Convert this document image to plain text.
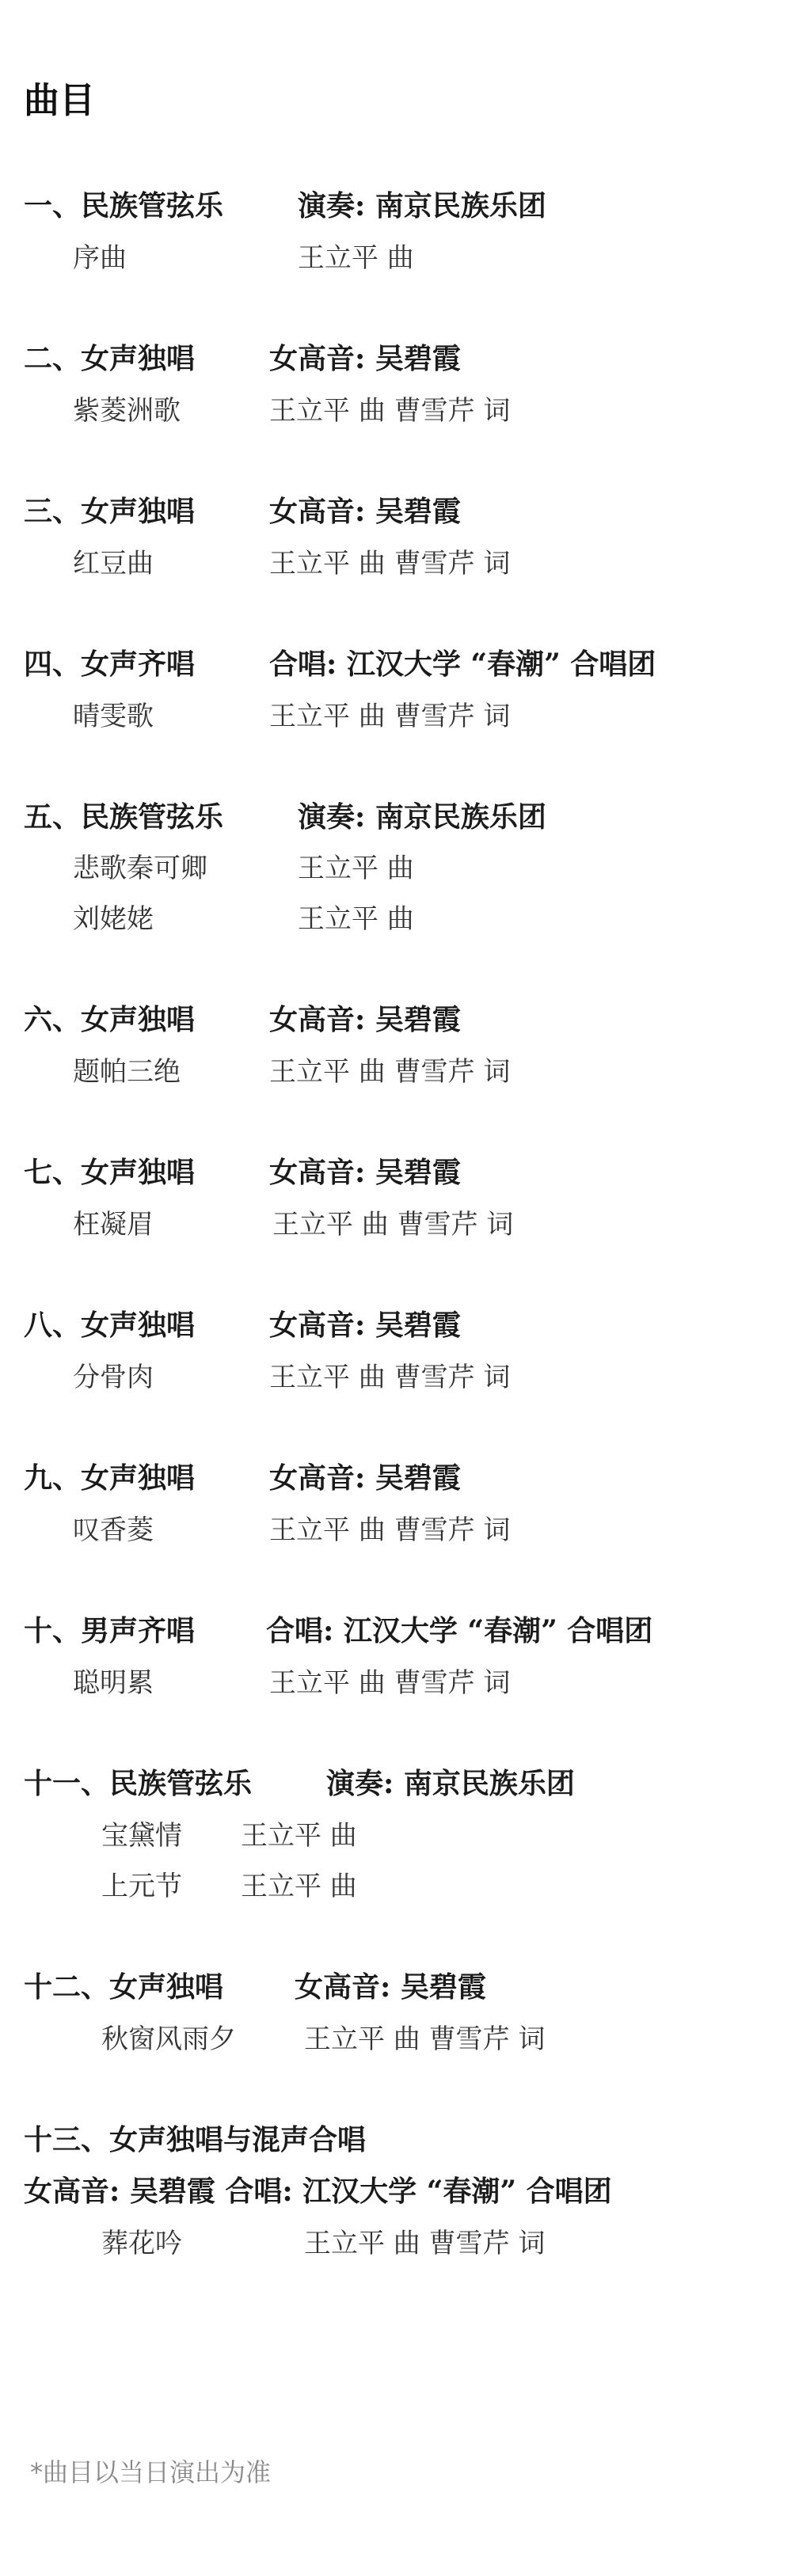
曲目
一、民族管弦乐	演奏: 南京民族乐团
序曲	王立平 曲
二、女声独唱	女高音: 吴碧霞
紫菱洲歌	王立平 曲 曹雪芹 词
三、女声独唱	女高音: 吴碧霞
红豆曲	王立平 曲 曹雪芹 词
四、女声齐唱	合唱: 江汉大学 “春潮” 合唱团
晴雯歌	王立平 曲 曹雪芹 词
五、民族管弦乐	演奏: 南京民族乐团
悲歌秦可卿	王立平 曲
刘姥姥	王立平 曲
六、女声独唱	女高音: 吴碧霞
题帕三绝	王立平 曲 曹雪芹 词
七、女声独唱	女高音: 吴碧霞
枉凝眉	王立平 曲 曹雪芹 词
八、女声独唱	女高音: 吴碧霞
分骨肉	王立平 曲 曹雪芹 词
九、女声独唱	女高音: 吴碧霞
叹香菱	王立平 曲 曹雪芹 词
十、男声齐唱 合唱: 江汉大学 “春潮” 合唱团
聪明累	王立平 曲 曹雪芹 词
十一、民族管弦乐	演奏: 南京民族乐团
宝黛情 王立平 曲
上元节 王立平 曲
十二、女声独唱 女高音: 吴碧霞
秋窗风雨夕	王立平 曲 曹雪芹 词
十三、女声独唱与混声合唱
女高音: 吴碧霞 合唱: 江汉大学 “春潮” 合唱团
葬花吟	王立平 曲 曹雪芹 词
*曲目以当日演出为准
